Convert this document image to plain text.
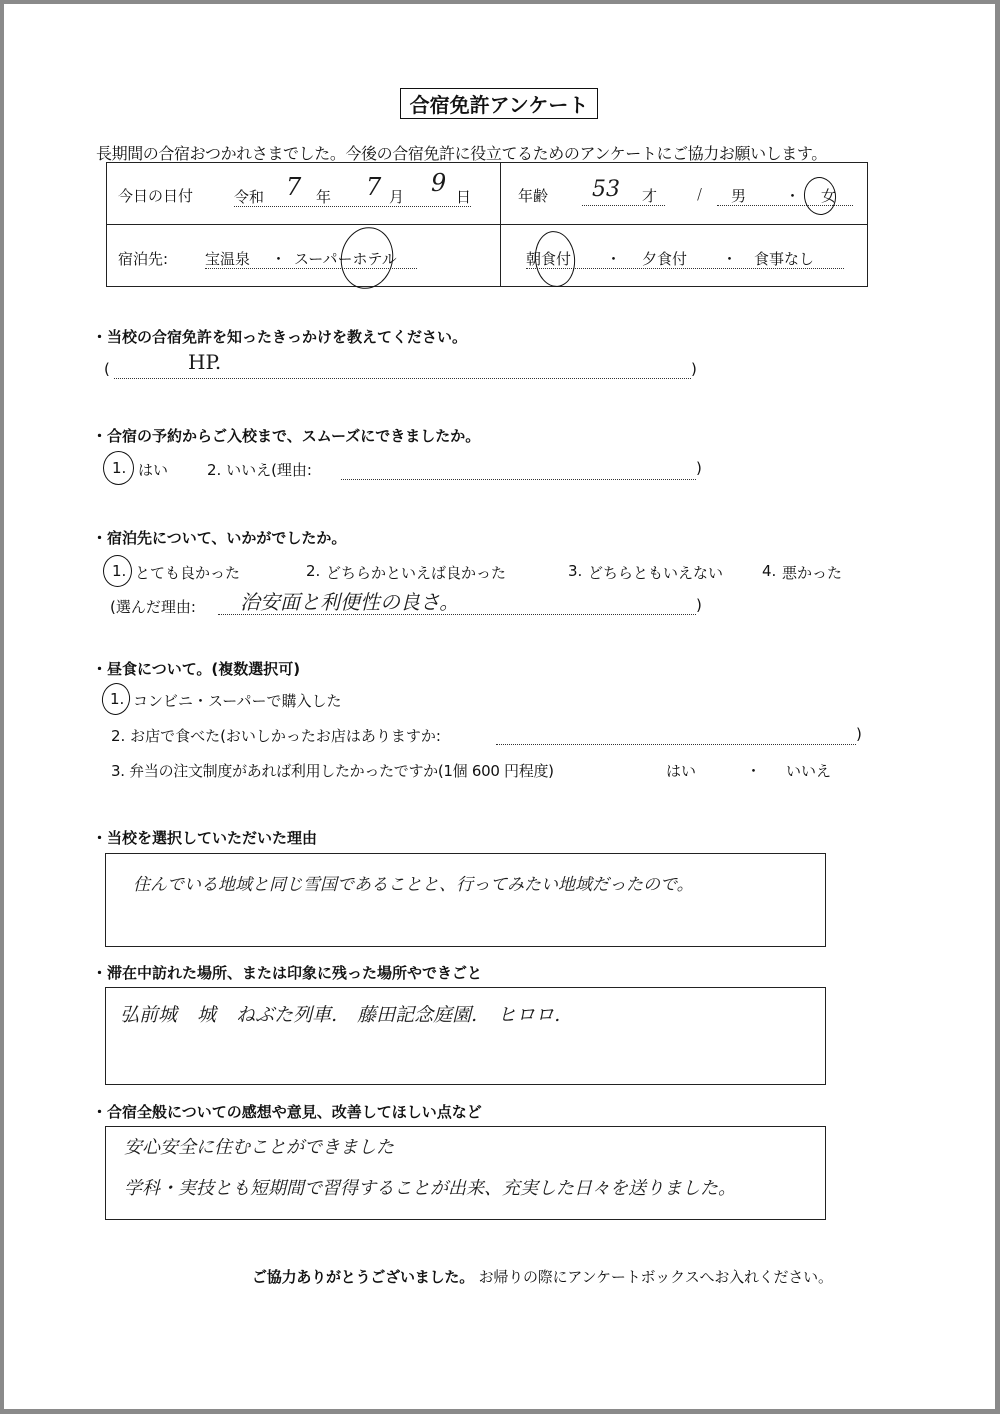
合宿免許アンケート
長期間の合宿おつかれさまでした。今後の合宿免許に役立てるためのアンケートにご協力お願いします。
今日の日付	令和 7 年 7 月 9 日	年齢 53 才	/ 男	・ 女
宿泊先: 宝温泉 ・ スーパーホテル	朝食付 ・ 夕食付 ・ 食事なし
・当校の合宿免許を知ったきっかけを教えてください。
(	HP.	)
・合宿の予約からご入校まで、スムーズにできましたか。
1. はい	2. いいえ(理由:	)
・宿泊先について、いかがでしたか。
1. とても良かった	2. どちらかといえば良かった	3. どちらともいえない	4. 悪かった
(選んだ理由: 治安面と利便性の良さ。	)
・昼食について。(複数選択可)
1. コンビニ・スーパーで購入した
2. お店で食べた(おいしかったお店はありますか:	)
3. 弁当の注文制度があれば利用したかったですか(1個 600 円程度)	はい	・ いいえ
・当校を選択していただいた理由
住んでいる地域と同じ雪国であることと、行ってみたい地域だったので。
・滞在中訪れた場所、または印象に残った場所やできごと
弘前城 城 ねぶた列車. 藤田記念庭園. ヒロロ.
・合宿全般についての感想や意見、改善してほしい点など
安心安全に住むことができました
学科・実技とも短期間で習得することが出来、充実した日々を送りました。
ご協力ありがとうございました。 お帰りの際にアンケートボックスへお入れください。
